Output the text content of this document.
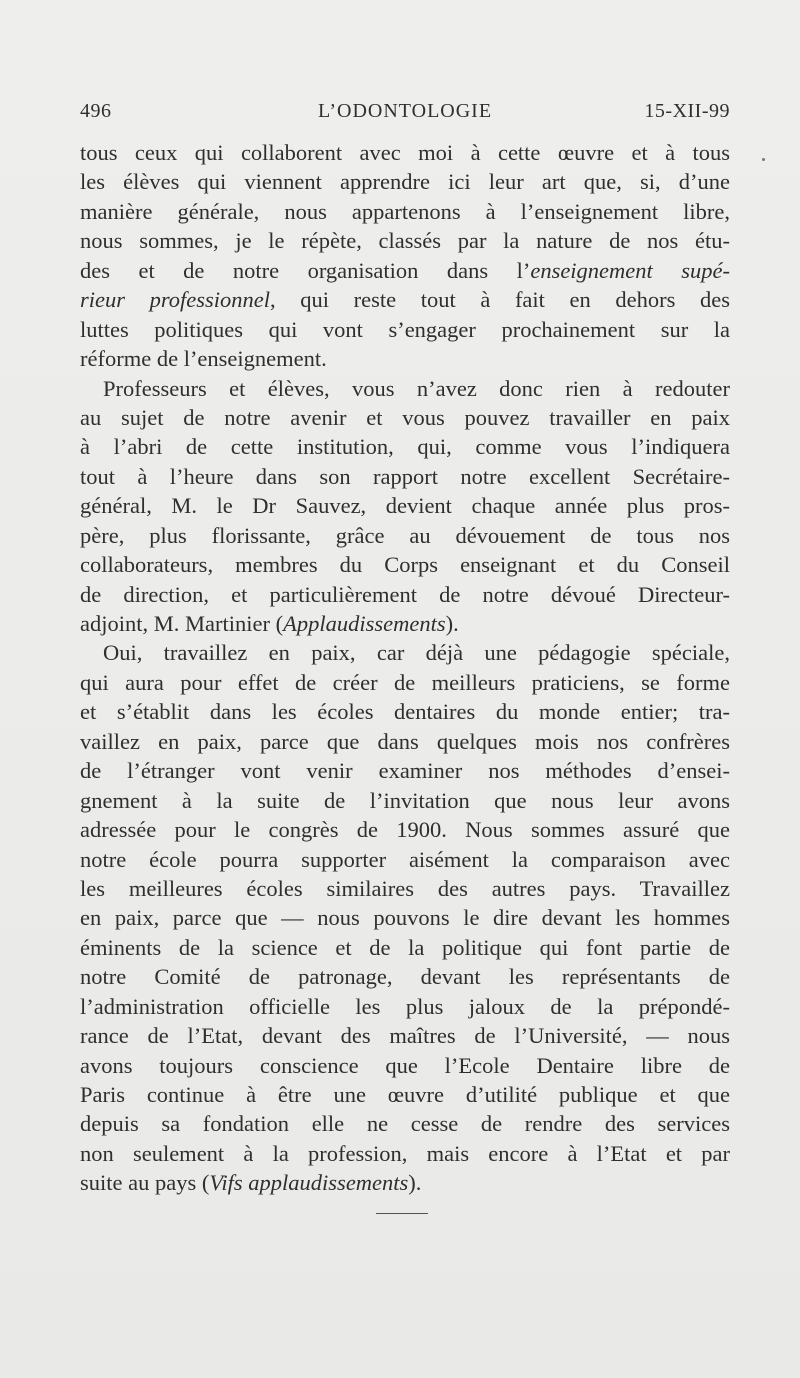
496	L’ODONTOLOGIE	15-XII-99
tous ceux qui collaborent avec moi à cette œuvre et à tous
les élèves qui viennent apprendre ici leur art que, si, d’une
manière générale, nous appartenons à l’enseignement libre,
nous sommes, je le répète, classés par la nature de nos étu-
des et de notre organisation dans l’enseignement supé-
rieur professionnel, qui reste tout à fait en dehors des
luttes politiques qui vont s’engager prochainement sur la
réforme de l’enseignement.
Professeurs et élèves, vous n’avez donc rien à redouter
au sujet de notre avenir et vous pouvez travailler en paix
à l’abri de cette institution, qui, comme vous l’indiquera
tout à l’heure dans son rapport notre excellent Secrétaire-
général, M. le Dr Sauvez, devient chaque année plus pros-
père, plus florissante, grâce au dévouement de tous nos
collaborateurs, membres du Corps enseignant et du Conseil
de direction, et particulièrement de notre dévoué Directeur-
adjoint, M. Martinier (Applaudissements).
Oui, travaillez en paix, car déjà une pédagogie spéciale,
qui aura pour effet de créer de meilleurs praticiens, se forme
et s’établit dans les écoles dentaires du monde entier; tra-
vaillez en paix, parce que dans quelques mois nos confrères
de l’étranger vont venir examiner nos méthodes d’ensei-
gnement à la suite de l’invitation que nous leur avons
adressée pour le congrès de 1900. Nous sommes assuré que
notre école pourra supporter aisément la comparaison avec
les meilleures écoles similaires des autres pays. Travaillez
en paix, parce que — nous pouvons le dire devant les hommes
éminents de la science et de la politique qui font partie de
notre Comité de patronage, devant les représentants de
l’administration officielle les plus jaloux de la prépondé-
rance de l’Etat, devant des maîtres de l’Université, — nous
avons toujours conscience que l’Ecole Dentaire libre de
Paris continue à être une œuvre d’utilité publique et que
depuis sa fondation elle ne cesse de rendre des services
non seulement à la profession, mais encore à l’Etat et par
suite au pays (Vifs applaudissements).
